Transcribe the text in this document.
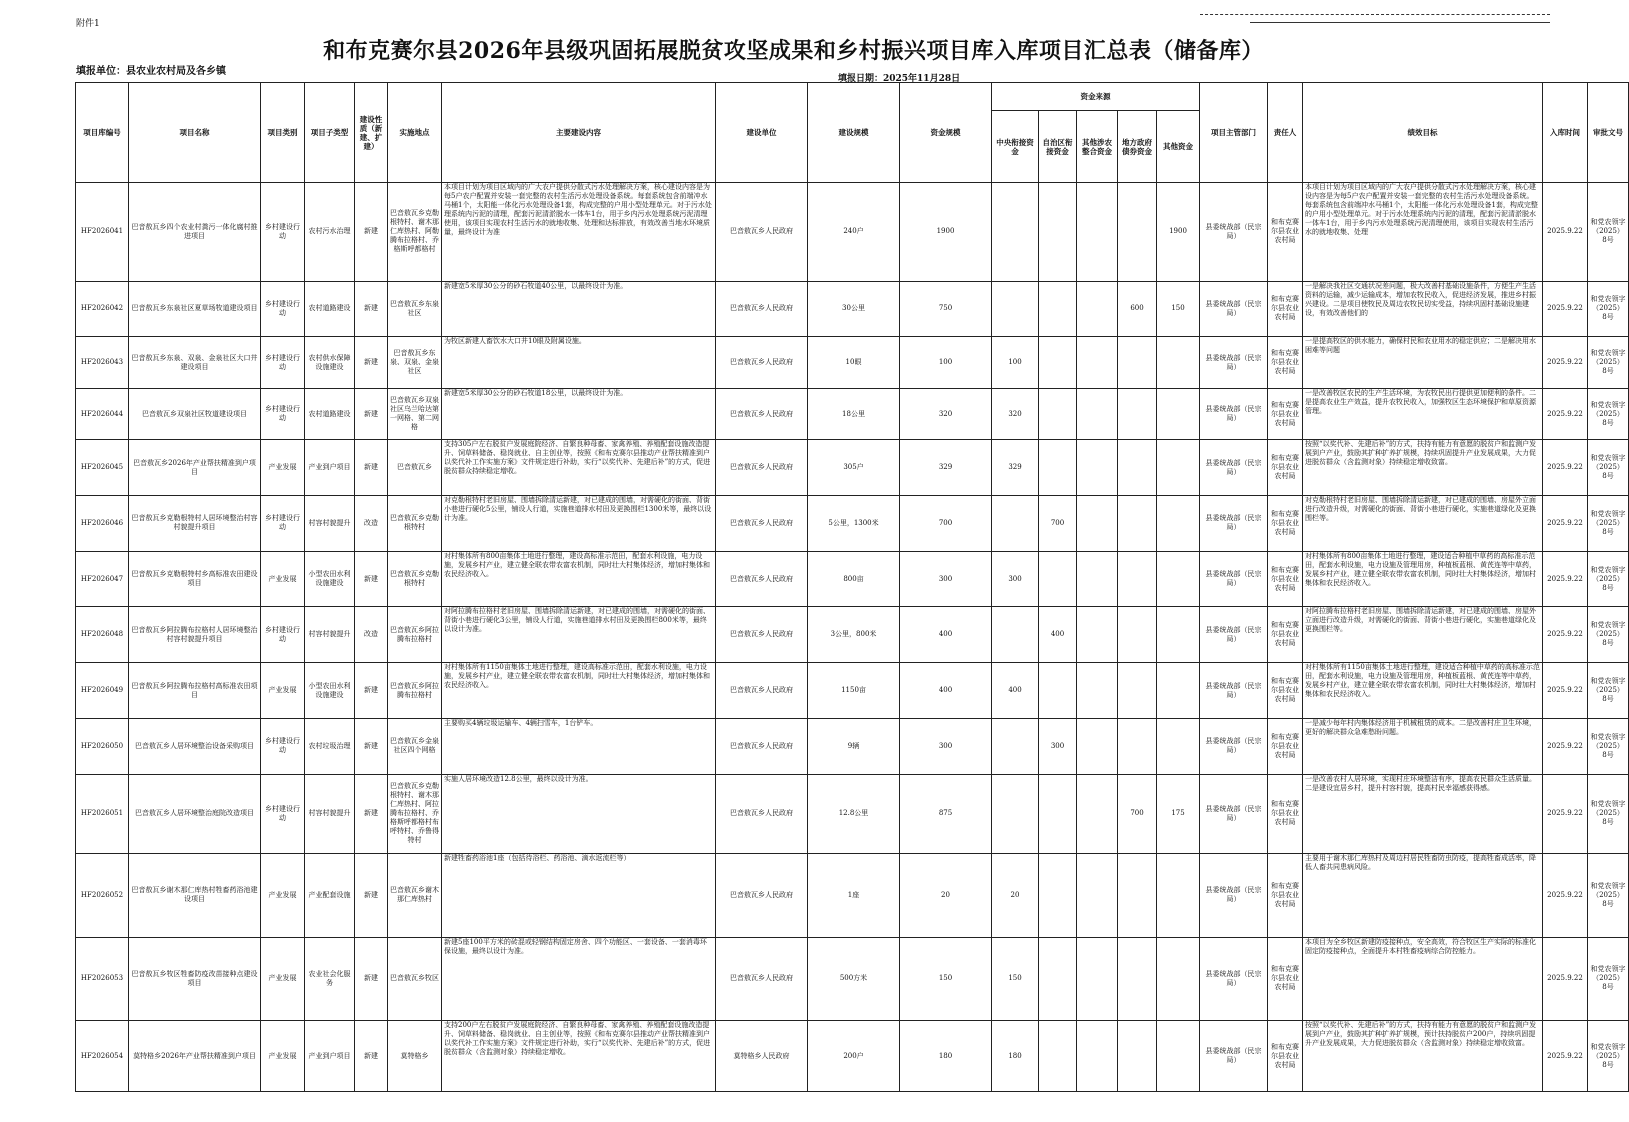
附件1
和布克赛尔县2026年县级巩固拓展脱贫攻坚成果和乡村振兴项目库入库项目汇总表（储备库）
填报单位：县农业农村局及各乡镇
填报日期：2025年11月28日
项目库编号	项目名称	项目类别	项目子类型	建设性质（新建、扩建）	实施地点	主要建设内容	建设单位	建设规模	资金规模	资金来源					项目主管部门	责任人	绩效目标	入库时间	审批文号
										中央衔接资金	自治区衔接资金	其他涉农整合资金	地方政府债券资金	其他资金					
HF2026041	巴音敖瓦乡四个农业村粪污一体化腐村推进项目	乡村建设行动	农村污水治理	新建	巴音敖瓦乡克勒根特村、谢木那仁库热村、阿勒腾布拉格村、乔格斯呼都格村	本项目计划为项目区域内的广大农户提供分散式污水处理解决方案，核心建设内容是为每5户农户配置并安装一套完整的农村生活污水处理设备系统。每套系统包含前端冲水马桶1个，太阳能一体化污水处理设备1套，构成完整的户用小型处理单元。对于污水处理系统内污泥的清理，配套污泥清淤脱水一体车1台，用于乡内污水处理系统污泥清理使用，该项目实现农村生活污水的就地收集、处理和达标排放，有效改善当地水环境质量，最终设计为准	巴音敖瓦乡人民政府	240户	1900					1900	县委统战部（民宗局）	和布克赛尔县农业农村局	本项目计划为项目区域内的广大农户提供分散式污水处理解决方案，核心建设内容是为每5户农户配置并安装一套完整的农村生活污水处理设备系统。每套系统包含前端冲水马桶1个，太阳能一体化污水处理设备1套，构成完整的户用小型处理单元。对于污水处理系统内污泥的清理，配套污泥清淤脱水一体车1台，用于乡内污水处理系统污泥清理使用，该项目实现农村生活污水的就地收集、处理	2025.9.22	和党农领字（2025）8号
HF2026042	巴音敖瓦乡东泉社区夏草场牧道建设项目	乡村建设行动	农村道路建设	新建	巴音敖瓦乡东泉社区	新建宽5米厚30公分的砂石牧道40公里，以最终设计为准。	巴音敖瓦乡人民政府	30公里	750				600	150	县委统战部（民宗局）	和布克赛尔县农业农村局	一是解决我社区交通状况差问题，极大改善村基础设施条件，方便生产生活资料的运输，减少运输成本，增加农牧民收入，促进经济发展，推进乡村振兴建设。二是项目使牧民及周边农牧民切实受益，持续巩固村基础设施建设，有效改善他们的	2025.9.22	和党农领字（2025）8号
HF2026043	巴音敖瓦乡东泉、双泉、金泉社区大口井建设项目	乡村建设行动	农村供水保障设施建设	新建	巴音敖瓦乡东泉、双泉、金泉社区	为牧区新建人畜饮水大口井10眼及附属设施。	巴音敖瓦乡人民政府	10眼	100	100					县委统战部（民宗局）	和布克赛尔县农业农村局	一是提高牧区的供水能力，确保村民和农业用水的稳定供应；二是解决用水困难等问题	2025.9.22	和党农领字（2025）8号
HF2026044	巴音敖瓦乡双泉社区牧道建设项目	乡村建设行动	农村道路建设	新建	巴音敖瓦乡双泉社区乌兰哈达第一网格、第二网格	新建宽5米厚30公分的砂石牧道18公里，以最终设计为准。	巴音敖瓦乡人民政府	18公里	320	320					县委统战部（民宗局）	和布克赛尔县农业农村局	一是改善牧区农民的生产生活环境，为农牧民出行提供更加便利的条件。二是提高农业生产效益，提升农牧民收入，加强牧区生态环境保护和草原资源管理。	2025.9.22	和党农领字（2025）8号
HF2026045	巴音敖瓦乡2026年产业帮扶精准到户项目	产业发展	产业到户项目	新建	巴音敖瓦乡	支持305户左右脱贫户发展庭院经济、自繁良种母畜、家禽养殖、养殖配套设施改造提升、饲草料储备、稳岗就业、自主创业等，按照《和布克赛尔县推动产业帮扶精准到户以奖代补工作实施方案》文件规定进行补助，实行“以奖代补、先建后补”的方式，促进脱贫群众持续稳定增收。	巴音敖瓦乡人民政府	305户	329	329					县委统战部（民宗局）	和布克赛尔县农业农村局	按照“以奖代补、先建后补”的方式，扶持有能力有意愿的脱贫户和监测户发展到户产业，鼓励其扩种扩养扩规模，持续巩固提升产业发展成果，大力促进脱贫群众（含监测对象）持续稳定增收致富。	2025.9.22	和党农领字（2025）8号
HF2026046	巴音敖瓦乡克勒根特村人居环境整治村容村貌提升项目	乡村建设行动	村容村貌提升	改造	巴音敖瓦乡克勒根特村	对克勒根特村老旧房屋、围墙拆除清运新建，对已建成的围墙，对需硬化的街面、背街小巷进行硬化5公里，铺设人行道，实施巷道排水村田及更换围栏1300米等，最终以设计为准。	巴音敖瓦乡人民政府	5公里，1300米	700		700				县委统战部（民宗局）	和布克赛尔县农业农村局	对克勒根特村老旧房屋、围墙拆除清运新建，对已建成的围墙、房屋外立面进行改造升级，对需硬化的街面、背街小巷进行硬化，实施巷道绿化及更换围栏等。	2025.9.22	和党农领字（2025）8号
HF2026047	巴音敖瓦乡克勒根特村乡高标准农田建设项目	产业发展	小型农田水利设施建设	新建	巴音敖瓦乡克勒根特村	对村集体所有800亩集体土地进行整理，建设高标准示范田，配套水利设施，电力设施，发展乡村产业，建立健全联农带农富农机制，同时壮大村集体经济，增加村集体和农民经济收入。	巴音敖瓦乡人民政府	800亩	300	300					县委统战部（民宗局）	和布克赛尔县农业农村局	对村集体所有800亩集体土地进行整理，建设适合种植中草药的高标准示范田，配套水利设施，电力设施及管理用房，种植板蓝根、黄芪连等中草药，发展乡村产业，建立健全联农带农富农机制，同时壮大村集体经济，增加村集体和农民经济收入。	2025.9.22	和党农领字（2025）8号
HF2026048	巴音敖瓦乡阿拉腾布拉格村人居环境整治村容村貌提升项目	乡村建设行动	村容村貌提升	改造	巴音敖瓦乡阿拉腾布拉格村	对阿拉腾布拉格村老旧房屋、围墙拆除清运新建，对已建成的围墙，对需硬化的街面、背街小巷进行硬化3公里，铺设人行道，实施巷道排水村田及更换围栏800米等，最终以设计为准。	巴音敖瓦乡人民政府	3公里，800米	400		400				县委统战部（民宗局）	和布克赛尔县农业农村局	对阿拉腾布拉格村老旧房屋、围墙拆除清运新建，对已建成的围墙、房屋外立面进行改造升级，对需硬化的街面、背街小巷进行硬化，实施巷道绿化及更换围栏等。	2025.9.22	和党农领字（2025）8号
HF2026049	巴音敖瓦乡阿拉腾布拉格村高标准农田项目	产业发展	小型农田水利设施建设	新建	巴音敖瓦乡阿拉腾布拉格村	对村集体所有1150亩集体土地进行整理，建设高标准示范田，配套水利设施，电力设施，发展乡村产业，建立健全联农带农富农机制，同时壮大村集体经济，增加村集体和农民经济收入。	巴音敖瓦乡人民政府	1150亩	400	400					县委统战部（民宗局）	和布克赛尔县农业农村局	对村集体所有1150亩集体土地进行整理，建设适合种植中草药的高标准示范田，配套水利设施，电力设施及管理用房，种植板蓝根、黄芪连等中草药，发展乡村产业，建立健全联农带农富农机制，同时壮大村集体经济，增加村集体和农民经济收入。	2025.9.22	和党农领字（2025）8号
HF2026050	巴音敖瓦乡人居环境整治设备采购项目	乡村建设行动	农村垃圾治理	新建	巴音敖瓦乡金泉社区四个网格	主要购买4辆垃圾运输车、4辆扫雪车，1台铲车。	巴音敖瓦乡人民政府	9辆	300		300				县委统战部（民宗局）	和布克赛尔县农业农村局	一是减少每年村内集体经济用于机械租赁的成本。二是改善村庄卫生环境，更好的解决群众急难愁盼问题。	2025.9.22	和党农领字（2025）8号
HF2026051	巴音敖瓦乡人居环境整治庭院改造项目	乡村建设行动	村容村貌提升	新建	巴音敖瓦乡克勒根特村、谢木那仁库热村、阿拉腾布拉格村、乔格斯呼都格村布呼特村、乔鲁得特村	实施人居环境改造12.8公里，最终以设计为准。	巴音敖瓦乡人民政府	12.8公里	875				700	175	县委统战部（民宗局）	和布克赛尔县农业农村局	一是改善农村人居环境，实现村庄环境整洁有序，提高农民群众生活质量。二是建设宜居乡村，提升村容村貌，提高村民幸福感获得感。	2025.9.22	和党农领字（2025）8号
HF2026052	巴音敖瓦乡谢木那仁库热村牲畜药浴池建设项目	产业发展	产业配套设施	新建	巴音敖瓦乡谢木那仁库热村	新建牲畜药浴池1座（包括待浴栏、药浴池、滴水返流栏等）	巴音敖瓦乡人民政府	1座	20	20					县委统战部（民宗局）	和布克赛尔县农业农村局	主要用于谢木那仁库热村及周边村居民牲畜防虫防疫，提高牲畜成活率，降低人畜共同患病风险。	2025.9.22	和党农领字（2025）8号
HF2026053	巴音敖瓦乡牧区牲畜防疫改苗接种点建设项目	产业发展	农业社会化服务	新建	巴音敖瓦乡牧区	新建5座100平方米的砖混或轻钢结构固定房舍、四个功能区、一套设备、一套消毒环保设施，最终以设计为准。	巴音敖瓦乡人民政府	500方米	150	150					县委统战部（民宗局）	和布克赛尔县农业农村局	本项目为全乡牧区新建防疫接种点，安全高效，符合牧区生产实际的标准化固定防疫接种点，全面提升本村牲畜疫病综合防控能力。	2025.9.22	和党农领字（2025）8号
HF2026054	莫特格乡2026年产业帮扶精准到户项目	产业发展	产业到户项目	新建	莫特格乡	支持200户左右脱贫户发展庭院经济、自繁良种母畜、家禽养殖、养殖配套设施改造提升、饲草料储备、稳岗就业、自主创业等，按照《和布克赛尔县推动产业帮扶精准到户以奖代补工作实施方案》文件规定进行补助，实行“以奖代补、先建后补”的方式，促进脱贫群众（含监测对象）持续稳定增收。	莫特格乡人民政府	200户	180	180					县委统战部（民宗局）	和布克赛尔县农业农村局	按照“以奖代补、先建后补”的方式，扶持有能力有意愿的脱贫户和监测户发展到户产业，鼓励其扩种扩养扩规模，预计扶持脱贫户200户，持续巩固提升产业发展成果，大力促进脱贫群众（含监测对象）持续稳定增收致富。	2025.9.22	和党农领字（2025）8号
